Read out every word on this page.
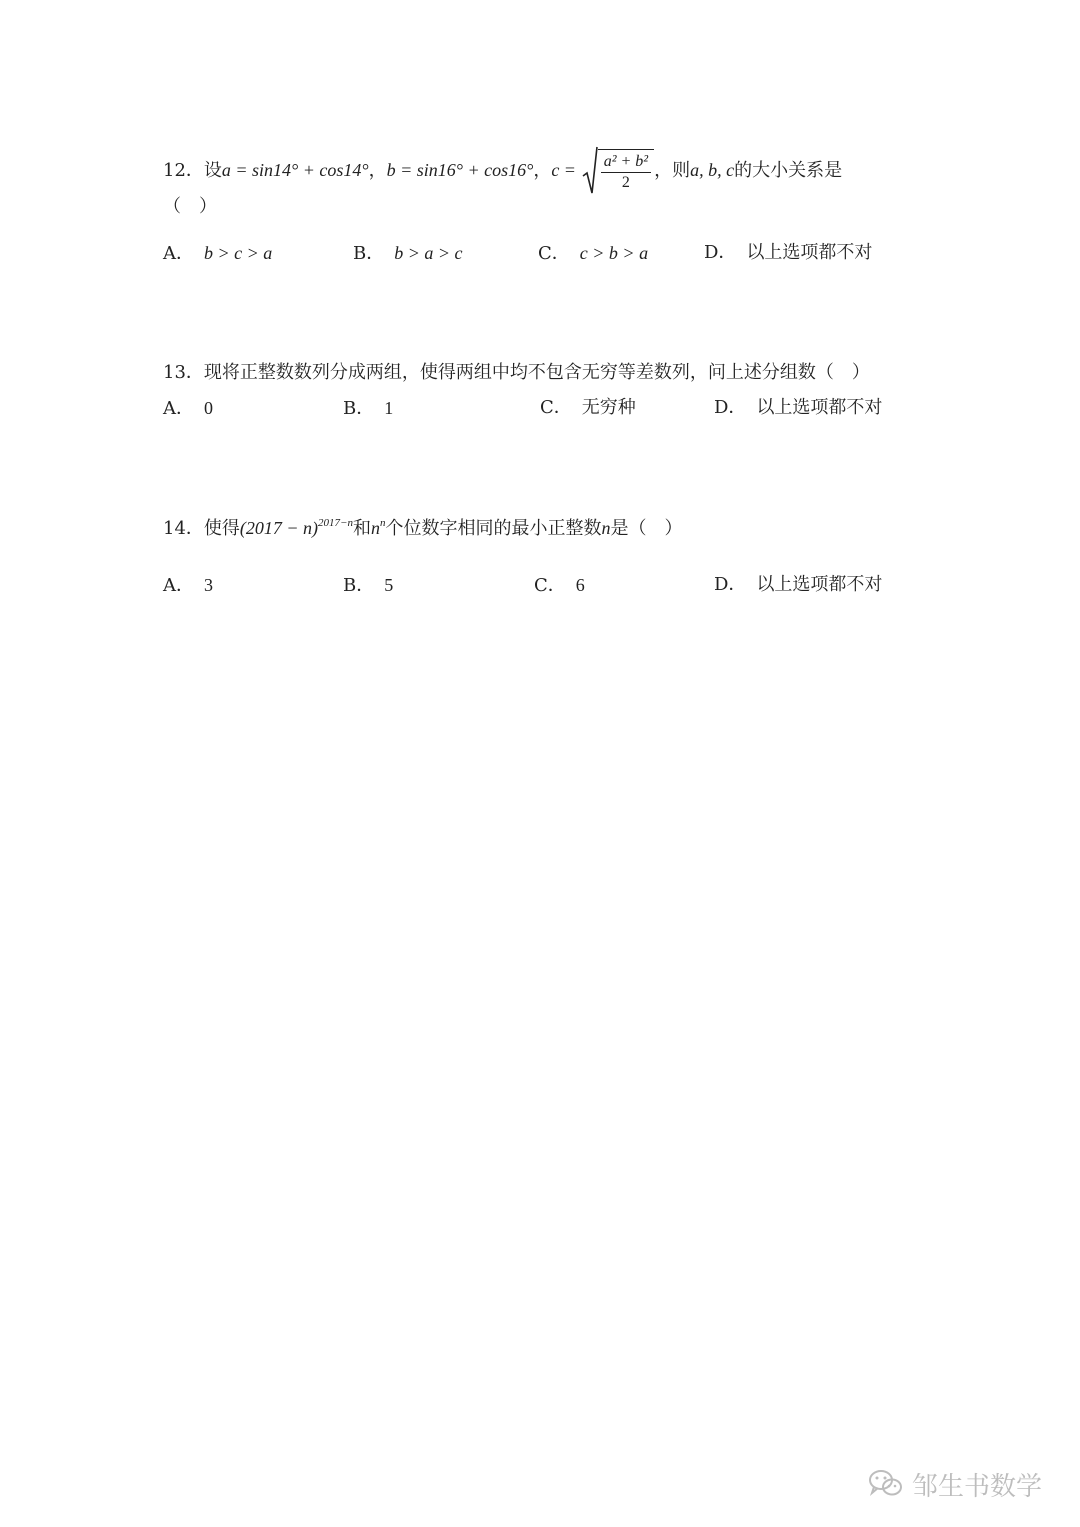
12．设a = sin14° + cos14°，b = sin16° + cos16°，$c = \frac{\text{a² + b²}}{2}$ ，则a, b, c的大小关系是
（　）
A． b > c > a	B． b > a > c	C． c > b > a	D． 以上选项都不对
13．现将正整数数列分成两组，使得两组中均不包含无穷等差数列，问上述分组数（　）
A． 0	B． 1	C． 无穷种	D． 以上选项都不对
14．使得$(2017 - n)^{2017-n}$和$n^n$个位数字相同的最小正整数n是（　）
A． 3	B． 5	C． 6	D． 以上选项都不对
邹生书数学
